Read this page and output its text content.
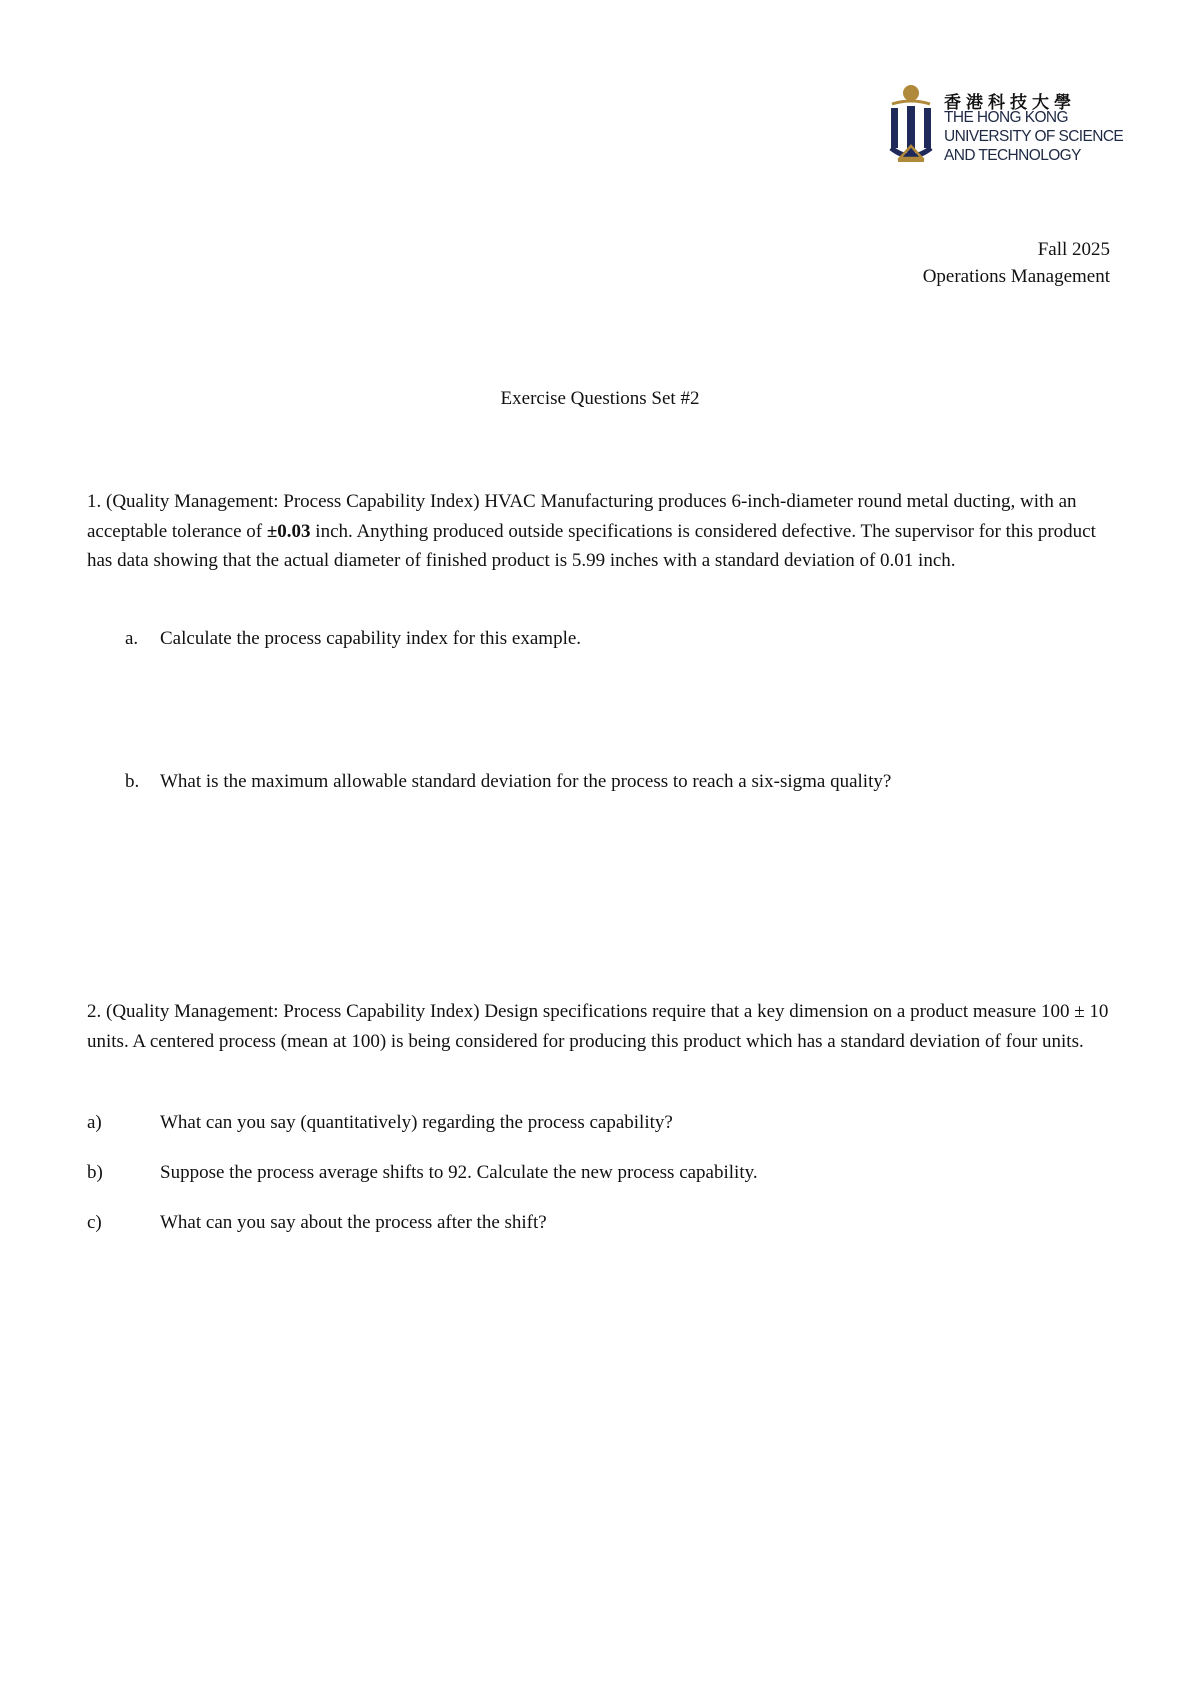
香港科技大學
THE HONG KONG
UNIVERSITY OF SCIENCE
AND TECHNOLOGY
Fall 2025
Operations Management
Exercise Questions Set #2
1. (Quality Management: Process Capability Index) HVAC Manufacturing produces 6-inch-diameter round metal ducting, with an acceptable tolerance of ±0.03 inch. Anything produced outside specifications is considered defective. The supervisor for this product has data showing that the actual diameter of finished product is 5.99 inches with a standard deviation of 0.01 inch.
a. Calculate the process capability index for this example.
b. What is the maximum allowable standard deviation for the process to reach a six-sigma quality?
2. (Quality Management: Process Capability Index) Design specifications require that a key dimension on a product measure 100 ± 10 units. A centered process (mean at 100) is being considered for producing this product which has a standard deviation of four units.
a)	What can you say (quantitatively) regarding the process capability?
b)	Suppose the process average shifts to 92. Calculate the new process capability.
c)	What can you say about the process after the shift?
